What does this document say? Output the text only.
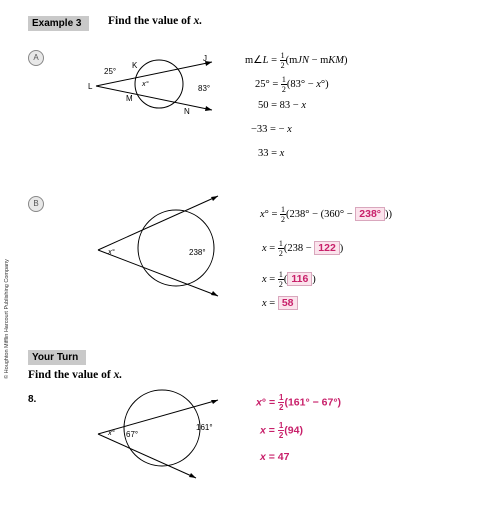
© Houghton Mifflin Harcourt Publishing Company
Example 3	Find the value of x.
A
L
25°
K
x°
83°
M
J
N
m∠L = $\frac{1}{2} (mJN - mKM)$
$25^\circ = \frac{1}{2} (83^\circ - x^\circ)$
50 = 83 − x
−33 = − x
33 = x
B
x°	238°
$x^\circ = \frac{1}{2} (238^\circ - (360^\circ - 238^\circ$ ))
$x = \frac{1}{2} (238 - 122$ )
$x = \frac{1}{2}$ ( 116 )
x = 58
Your Turn
Find the value of x.
8.
x° 67°
161°
$x^\circ = \frac{1}{2} (161^\circ - 67^\circ)$
$x = \frac{1}{2} (94)$
x = 47
